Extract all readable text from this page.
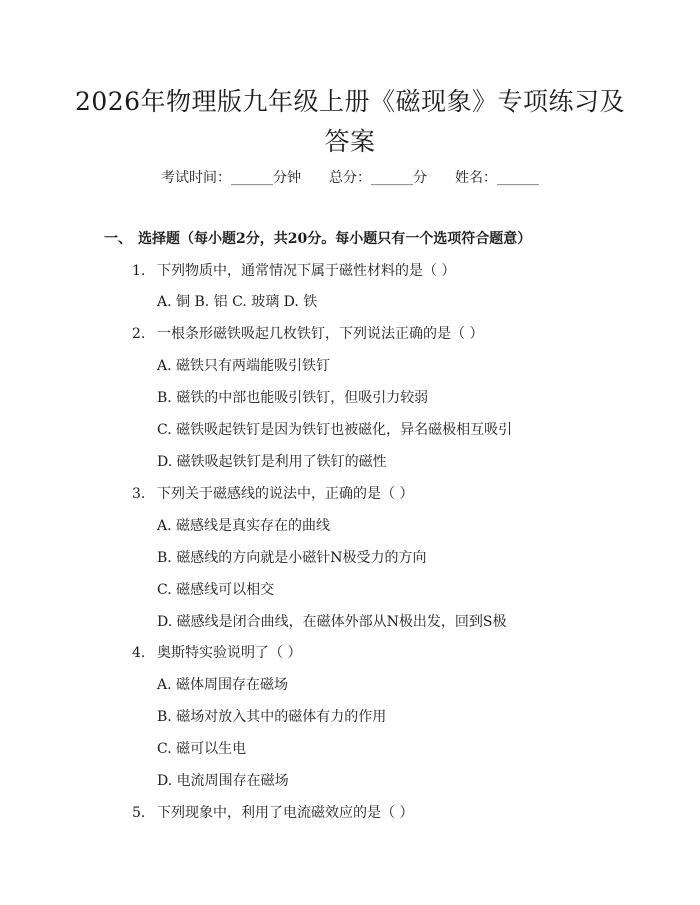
2026年物理版九年级上册《磁现象》专项练习及答案
考试时间：______分钟 总分：______分 姓名：______
一、 选择题（每小题2分，共20分。每小题只有一个选项符合题意）
1. 下列物质中，通常情况下属于磁性材料的是（ ）
A. 铜 B. 铝 C. 玻璃 D. 铁
2. 一根条形磁铁吸起几枚铁钉，下列说法正确的是（ ）
A. 磁铁只有两端能吸引铁钉
B. 磁铁的中部也能吸引铁钉，但吸引力较弱
C. 磁铁吸起铁钉是因为铁钉也被磁化，异名磁极相互吸引
D. 磁铁吸起铁钉是利用了铁钉的磁性
3. 下列关于磁感线的说法中，正确的是（ ）
A. 磁感线是真实存在的曲线
B. 磁感线的方向就是小磁针N极受力的方向
C. 磁感线可以相交
D. 磁感线是闭合曲线，在磁体外部从N极出发，回到S极
4. 奥斯特实验说明了（ ）
A. 磁体周围存在磁场
B. 磁场对放入其中的磁体有力的作用
C. 磁可以生电
D. 电流周围存在磁场
5. 下列现象中，利用了电流磁效应的是（ ）
